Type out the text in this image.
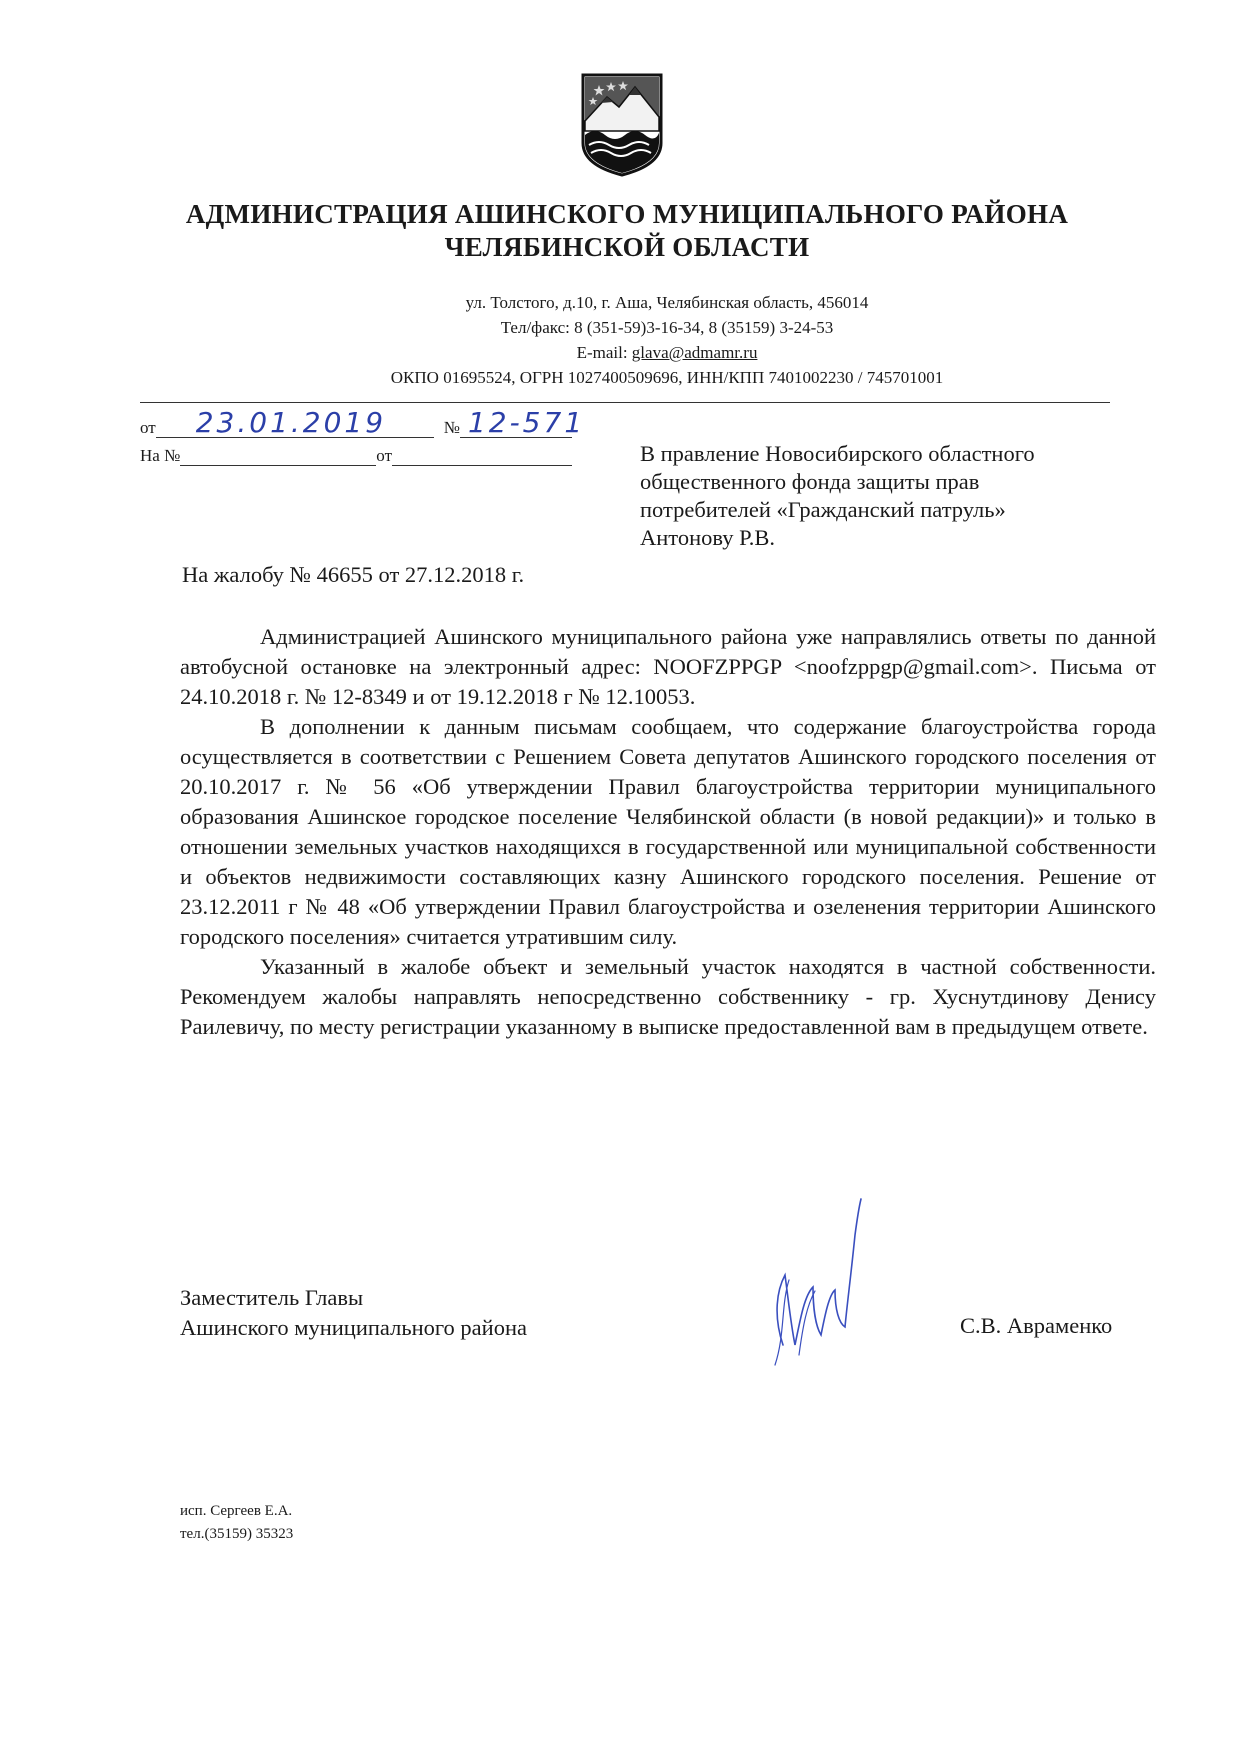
АДМИНИСТРАЦИЯ АШИНСКОГО МУНИЦИПАЛЬНОГО РАЙОНА
ЧЕЛЯБИНСКОЙ ОБЛАСТИ
ул. Толстого, д.10, г. Аша, Челябинская область, 456014
Тел/факс: 8 (351-59)3-16-34, 8 (35159) 3-24-53
E-mail: glava@admamr.ru
ОКПО 01695524, ОГРН 1027400509696, ИНН/КПП 7401002230 / 745701001
от 23.01.2019	№ 12-571
На №	от	В правление Новосибирского областного
общественного фонда защиты прав
потребителей «Гражданский патруль»
Антонову Р.В.
На жалобу № 46655 от 27.12.2018 г.

Администрацией Ашинского муниципального района уже направлялись ответы по данной автобусной остановке на электронный адрес: NOOFZPPGP <noofzppgp@gmail.com>. Письма от 24.10.2018 г. № 12-8349 и от 19.12.2018 г № 12.10053.

В дополнении к данным письмам сообщаем, что содержание благоустройства города осуществляется в соответствии с Решением Совета депутатов Ашинского городского поселения от 20.10.2017 г. № 56 «Об утверждении Правил благоустройства территории муниципального образования Ашинское городское поселение Челябинской области (в новой редакции)» и только в отношении земельных участков находящихся в государственной или муниципальной собственности и объектов недвижимости составляющих казну Ашинского городского поселения. Решение от 23.12.2011 г № 48 «Об утверждении Правил благоустройства и озеленения территории Ашинского городского поселения» считается утратившим силу.

Указанный в жалобе объект и земельный участок находятся в частной собственности. Рекомендуем жалобы направлять непосредственно собственнику - гр. Хуснутдинову Денису Раилевичу, по месту регистрации указанному в выписке предоставленной вам в предыдущем ответе.

Заместитель Главы
Ашинского муниципального района	С.В. Авраменко
исп. Сергеев Е.А.
тел.(35159) 35323
